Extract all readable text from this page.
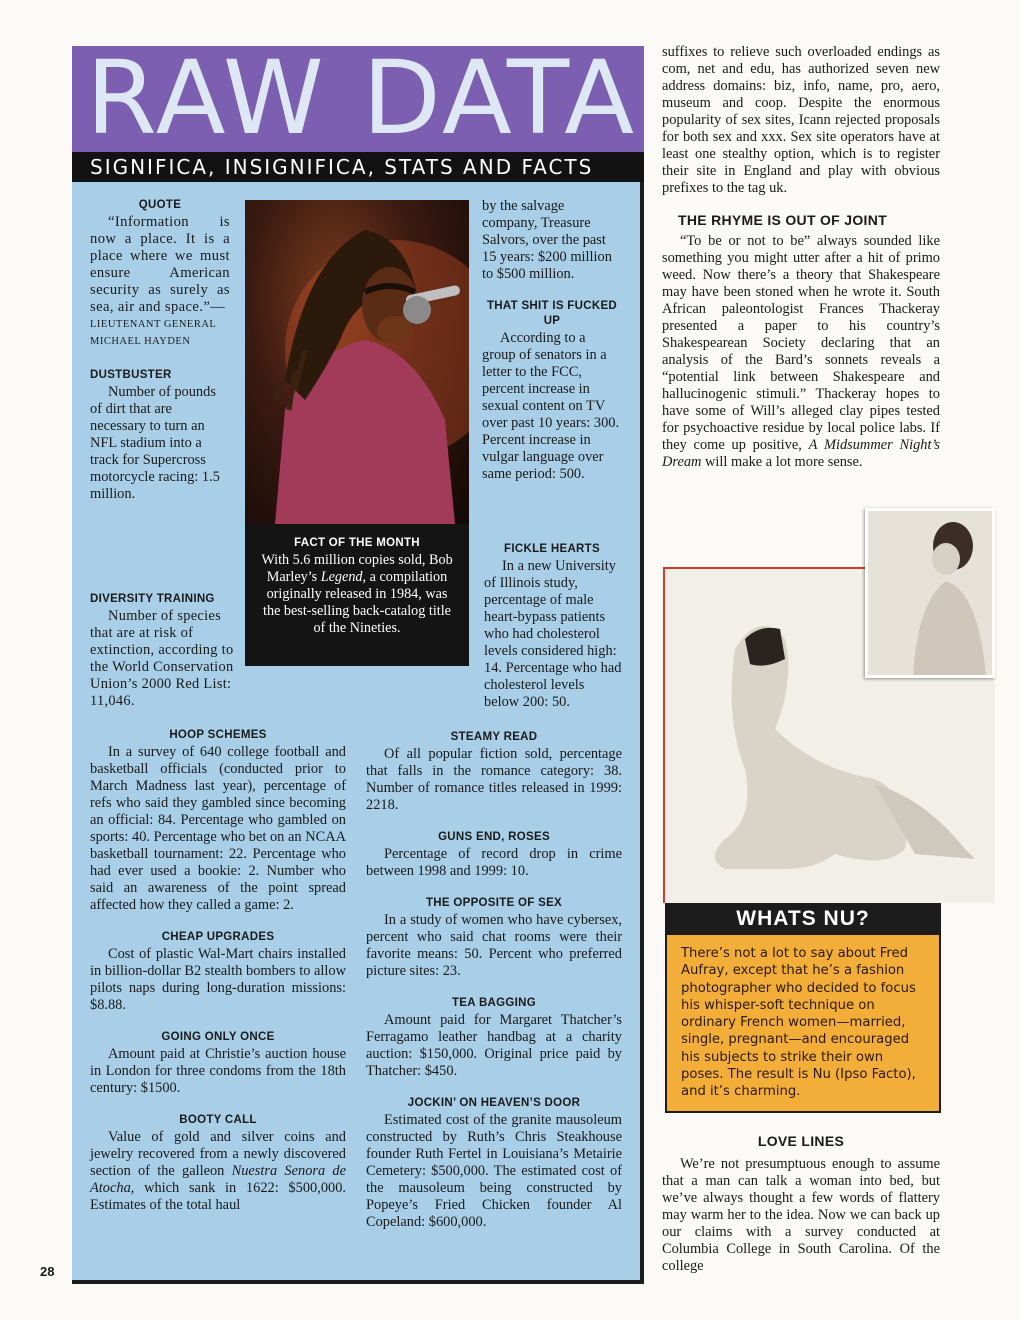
RAW DATA
SIGNIFICA, INSIGNIFICA, STATS AND FACTS
QUOTE

“Information is now a place. It is a place where we must ensure American security as surely as sea, air and space.”—

LIEUTENANT GENERAL MICHAEL HAYDEN

DUSTBUSTER

Number of pounds of dirt that are necessary to turn an NFL stadium into a track for Supercross motorcycle racing: 1.5 million.

DIVERSITY TRAINING

Number of species that are at risk of extinction, according to the World Conservation Union’s 2000 Red List: 11,046.

FACT OF THE MONTH

With 5.6 million copies sold, Bob Marley’s Legend, a compilation originally released in 1984, was the best-selling back-catalog title of the Nineties.

by the salvage company, Treasure Salvors, over the past 15 years: $200 million to $500 million.

THAT SHIT IS FUCKED UP

According to a group of senators in a letter to the FCC, percent increase in sexual content on TV over past 10 years: 300. Percent increase in vulgar language over same period: 500.

FICKLE HEARTS

In a new University of Illinois study, percentage of male heart-bypass patients who had cholesterol levels considered high: 14. Percentage who had cholesterol levels below 200: 50.

HOOP SCHEMES

In a survey of 640 college football and basketball officials (conducted prior to March Madness last year), percentage of refs who said they gambled since becoming an official: 84. Percentage who gambled on sports: 40. Percentage who bet on an NCAA basketball tournament: 22. Percentage who had ever used a bookie: 2. Number who said an awareness of the point spread affected how they called a game: 2.

CHEAP UPGRADES

Cost of plastic Wal-Mart chairs installed in billion-dollar B2 stealth bombers to allow pilots naps during long-duration missions: $8.88.

GOING ONLY ONCE

Amount paid at Christie’s auction house in London for three condoms from the 18th century: $1500.

BOOTY CALL

Value of gold and silver coins and jewelry recovered from a newly discovered section of the galleon Nuestra Senora de Atocha, which sank in 1622: $500,000. Estimates of the total haul

STEAMY READ

Of all popular fiction sold, percentage that falls in the romance category: 38. Number of romance titles released in 1999: 2218.

GUNS END, ROSES

Percentage of record drop in crime between 1998 and 1999: 10.

THE OPPOSITE OF SEX

In a study of women who have cybersex, percent who said chat rooms were their favorite means: 50. Percent who preferred picture sites: 23.

TEA BAGGING

Amount paid for Margaret Thatcher’s Ferragamo leather handbag at a charity auction: $150,000. Original price paid by Thatcher: $450.

JOCKIN’ ON HEAVEN’S DOOR

Estimated cost of the granite mausoleum constructed by Ruth’s Chris Steakhouse founder Ruth Fertel in Louisiana’s Metairie Cemetery: $500,000. The estimated cost of the mausoleum being constructed by Popeye’s Fried Chicken founder Al Copeland: $600,000.

suffixes to relieve such overloaded endings as com, net and edu, has authorized seven new address domains: biz, info, name, pro, aero, museum and coop. Despite the enormous popularity of sex sites, Icann rejected proposals for both sex and xxx. Sex site operators have at least one stealthy option, which is to register their site in England and play with obvious prefixes to the tag uk.

THE RHYME IS OUT OF JOINT

“To be or not to be” always sounded like something you might utter after a hit of primo weed. Now there’s a theory that Shakespeare may have been stoned when he wrote it. South African paleontologist Frances Thackeray presented a paper to his country’s Shakespearean Society declaring that an analysis of the Bard’s sonnets reveals a “potential link between Shakespeare and hallucinogenic stimuli.” Thackeray hopes to have some of Will’s alleged clay pipes tested for psychoactive residue by local police labs. If they come up positive, A Midsummer Night’s Dream will make a lot more sense.

WHATS NU?

There’s not a lot to say about Fred Aufray, except that he’s a fashion photographer who decided to focus his whisper-soft technique on ordinary French women—married, single, pregnant—and encouraged his subjects to strike their own poses. The result is Nu (Ipso Facto), and it’s charming.

LOVE LINES

We’re not presumptuous enough to assume that a man can talk a woman into bed, but we’ve always thought a few words of flattery may warm her to the idea. Now we can back up our claims with a survey conducted at Columbia College in South Carolina. Of the college

28
